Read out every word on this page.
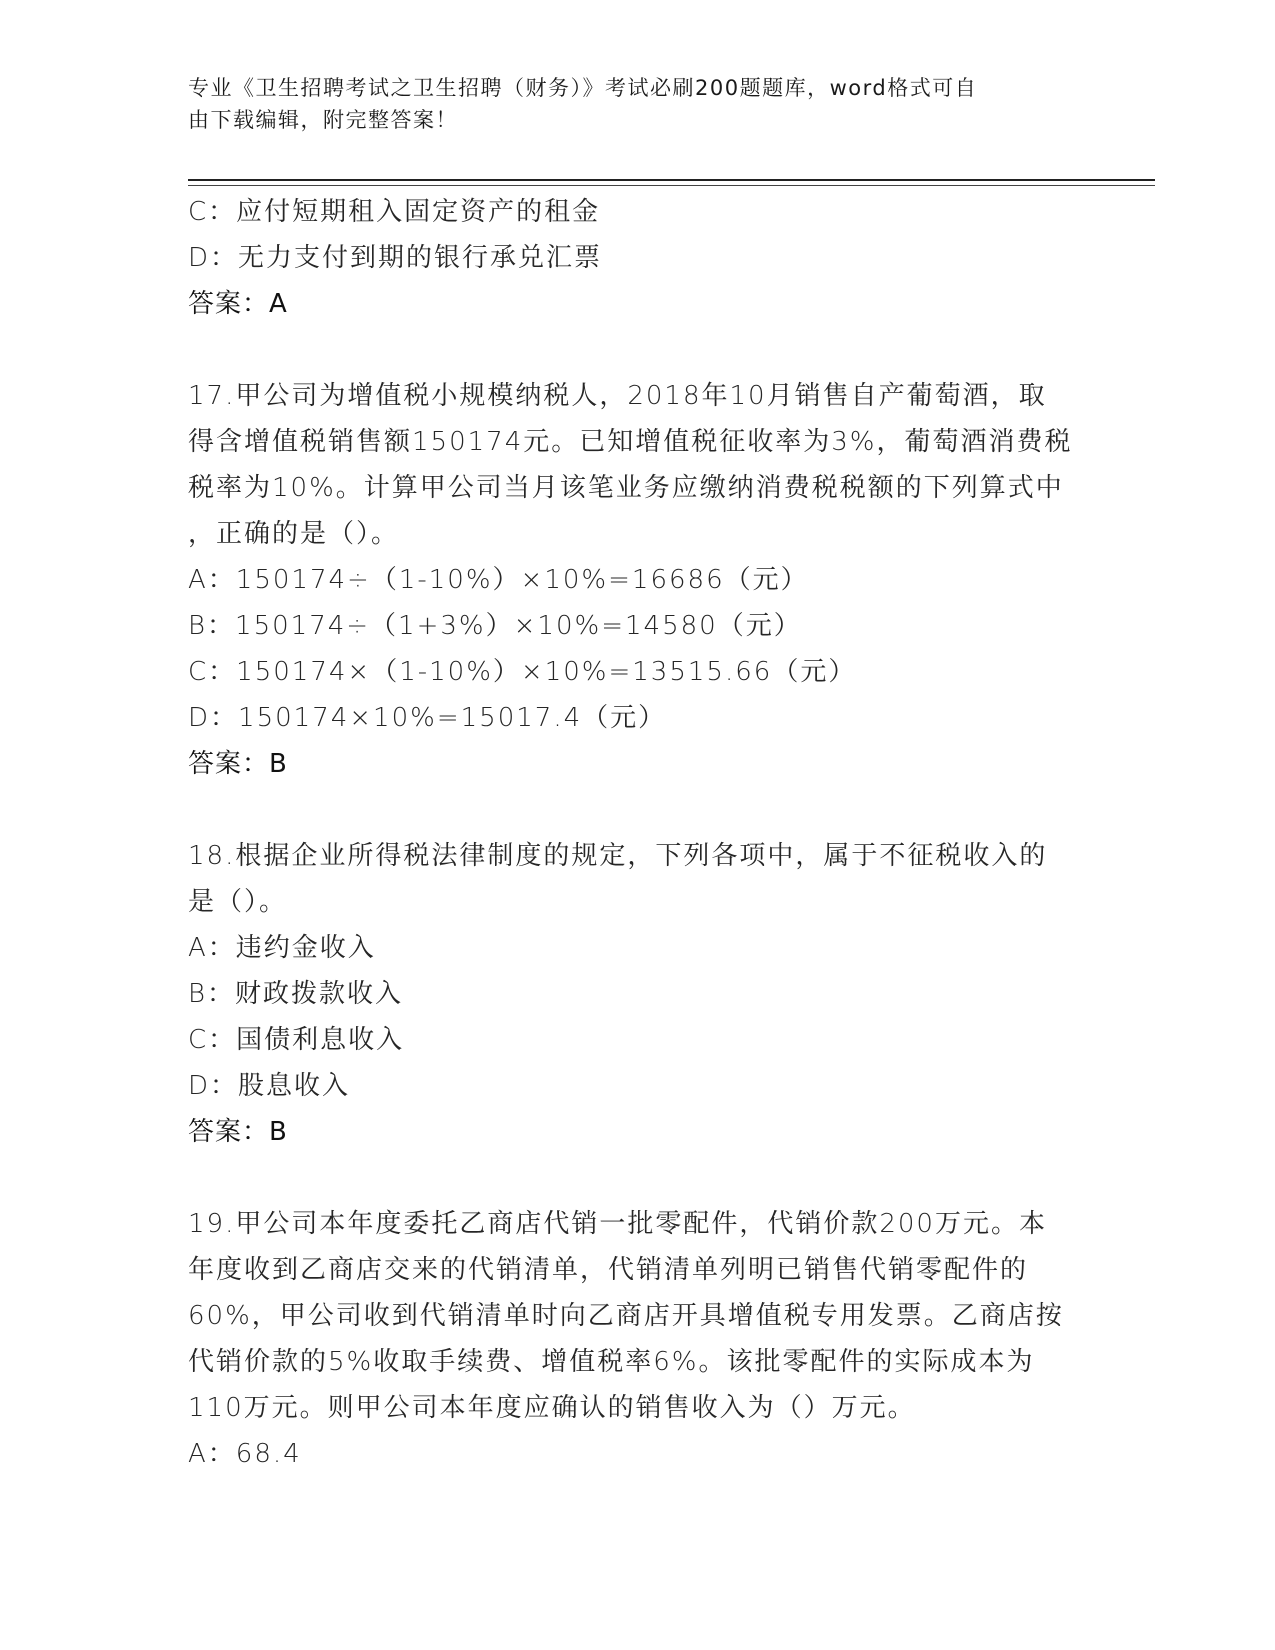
专业《卫生招聘考试之卫生招聘（财务）》考试必刷200题题库，word格式可自
由下载编辑，附完整答案！
C：应付短期租入固定资产的租金
D：无力支付到期的银行承兑汇票
答案：A
17.甲公司为增值税小规模纳税人，2018年10月销售自产葡萄酒，取
得含增值税销售额150174元。已知增值税征收率为3%，葡萄酒消费税
税率为10%。计算甲公司当月该笔业务应缴纳消费税税额的下列算式中
，正确的是（）。
A：150174÷（1-10%）×10%=16686（元）
B：150174÷（1+3%）×10%=14580（元）
C：150174×（1-10%）×10%=13515.66（元）
D：150174×10%=15017.4（元）
答案：B
18.根据企业所得税法律制度的规定，下列各项中，属于不征税收入的
是（）。
A：违约金收入
B：财政拨款收入
C：国债利息收入
D：股息收入
答案：B
19.甲公司本年度委托乙商店代销一批零配件，代销价款200万元。本
年度收到乙商店交来的代销清单，代销清单列明已销售代销零配件的
60%，甲公司收到代销清单时向乙商店开具增值税专用发票。乙商店按
代销价款的5%收取手续费、增值税率6%。该批零配件的实际成本为
110万元。则甲公司本年度应确认的销售收入为（）万元。
A：68.4
